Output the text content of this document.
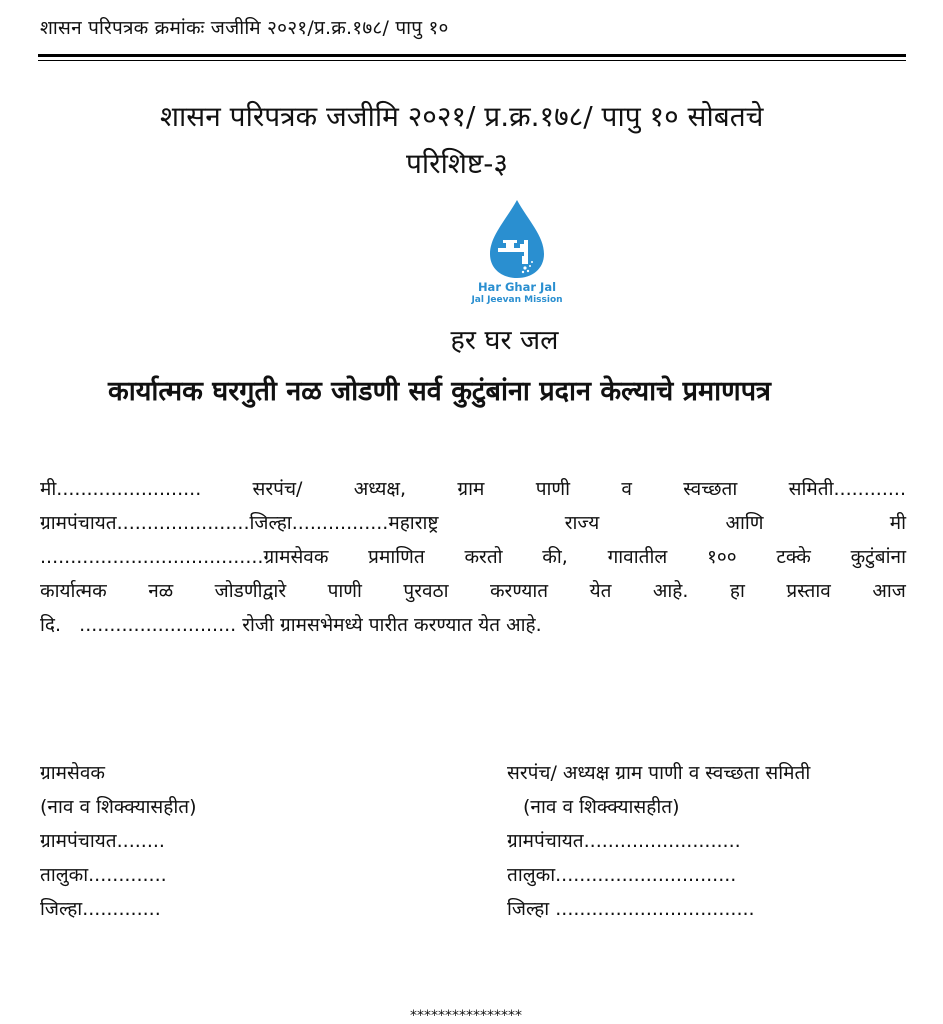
शासन परिपत्रक क्रमांकः जजीमि २०२१/प्र.क्र.१७८/ पापु १०
शासन परिपत्रक जजीमि २०२१/ प्र.क्र.१७८/ पापु १० सोबतचे
परिशिष्ट-३
Har Ghar Jal
Jal Jeevan Mission
हर घर जल
कार्यात्मक घरगुती नळ जोडणी सर्व कुटुंबांना प्रदान केल्याचे प्रमाणपत्र
मी........................	सरपंच/	अध्यक्ष,	ग्राम	पाणी	व	स्वच्छता	समिती............
ग्रामपंचायत......................जिल्हा................महाराष्ट्र	राज्य	आणि	मी
.....................................ग्रामसेवक प्रमाणित करतो की, गावातील १०० टक्के कुटुंबांना
कार्यात्मक नळ जोडणीद्वारे पाणी पुरवठा करण्यात येत आहे. हा प्रस्ताव आज
दि.   .......................... रोजी ग्रामसभेमध्ये पारीत करण्यात येत आहे.
ग्रामसेवक
(नाव व शिक्क्यासहीत)
ग्रामपंचायत........
तालुका.............
जिल्हा.............
सरपंच/ अध्यक्ष ग्राम पाणी व स्वच्छता समिती
(नाव व शिक्क्यासहीत)
ग्रामपंचायत..........................
तालुका..............................
जिल्हा .................................
****************
